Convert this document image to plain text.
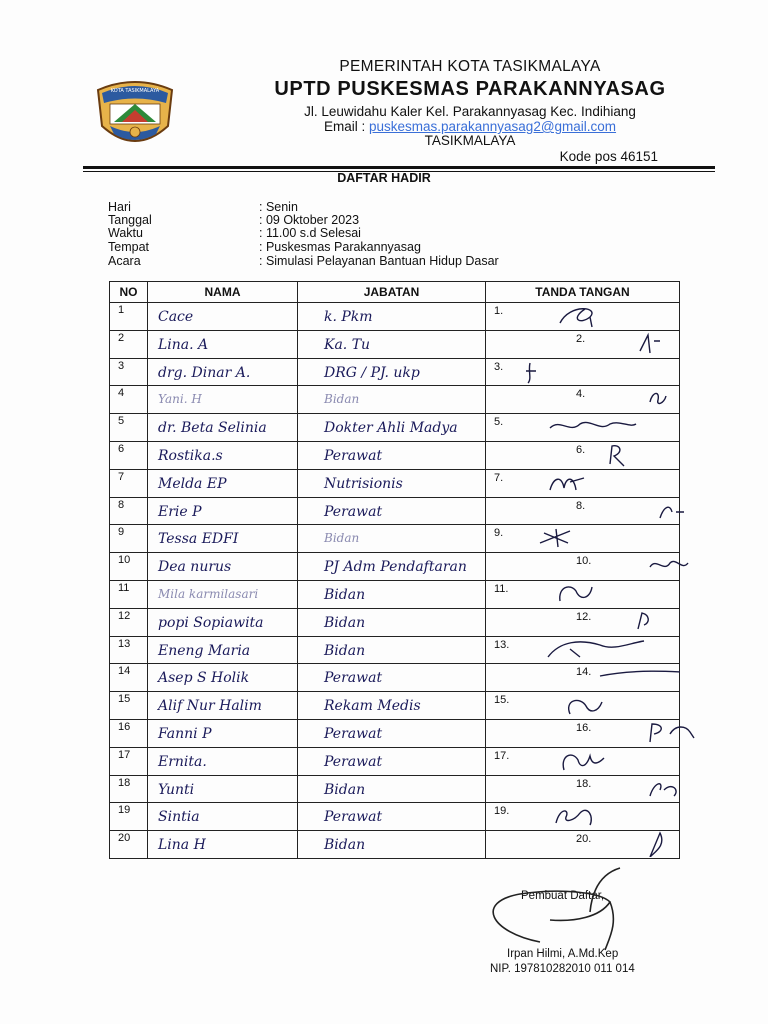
KOTA TASIKMALAYA
PEMERINTAH KOTA TASIKMALAYA
UPTD PUSKESMAS PARAKANNYASAG
Jl. Leuwidahu Kaler Kel. Parakannyasag Kec. Indihiang
Email : puskesmas.parakannyasag2@gmail.com
TASIKMALAYA
Kode pos 46151
DAFTAR HADIR
Hari	: Senin
Tanggal	: 09 Oktober 2023
Waktu	: 11.00 s.d Selesai
Tempat	: Puskesmas Parakannyasag
Acara	: Simulasi Pelayanan Bantuan Hidup Dasar
NO	NAMA	JABATAN	TANDA TANGAN
1	Cace	k. Pkm	1.

2	Lina. A	Ka. Tu	2.

3	drg. Dinar A.	DRG / PJ. ukp	3.

4	Yani. H	Bidan	4.

5	dr. Beta Selinia	Dokter Ahli Madya	5.

6	Rostika.s	Perawat	6.

7	Melda EP	Nutrisionis	7.

8	Erie P	Perawat	8.

9	Tessa EDFI	Bidan	9.

10	Dea nurus	PJ Adm Pendaftaran	10.

11	Mila karmilasari	Bidan	11.

12	popi Sopiawita	Bidan	12.

13	Eneng Maria	Bidan	13.

14	Asep S Holik	Perawat	14.

15	Alif Nur Halim	Rekam Medis	15.

16	Fanni P	Perawat	16.

17	Ernita.	Perawat	17.

18	Yunti	Bidan	18.

19	Sintia	Perawat	19.

20	Lina H	Bidan	20.
Pembuat Daftar,
Irpan Hilmi, A.Md.Kep
NIP. 197810282010 011 014
